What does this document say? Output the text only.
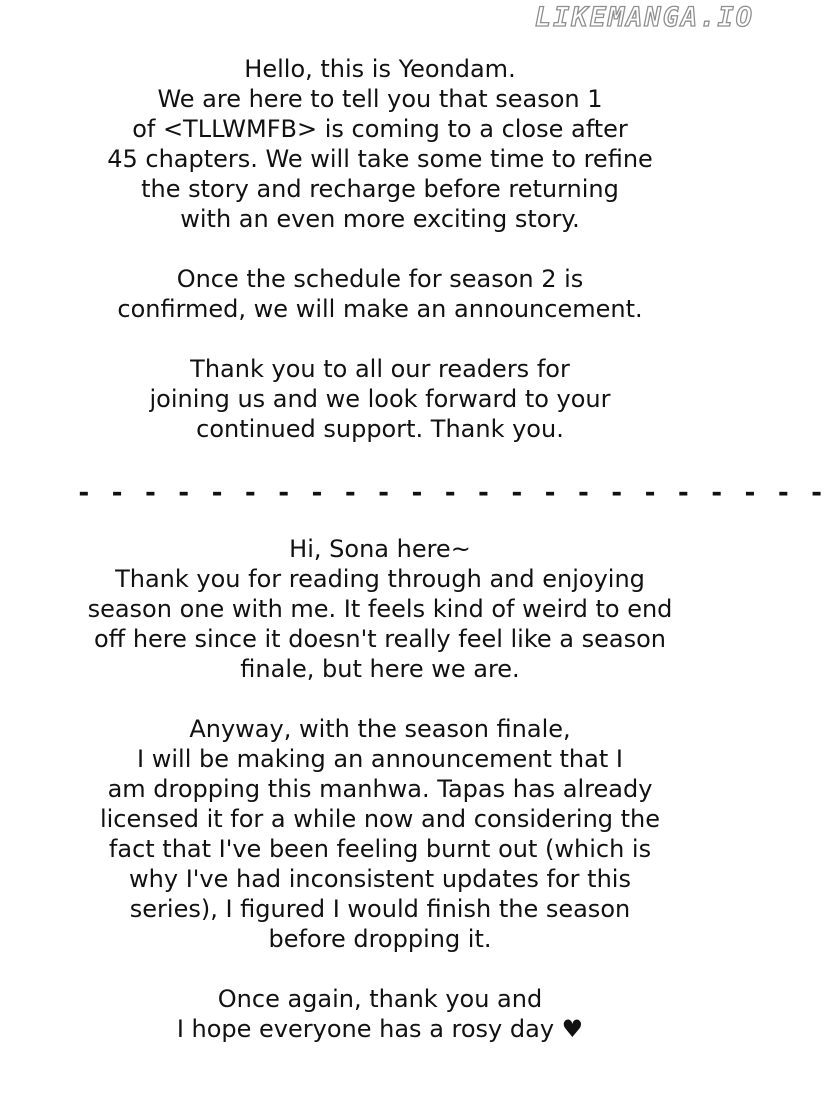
LIKEMANGA.IO

Hello, this is Yeondam.

We are here to tell you that season 1

of <TLLWMFB> is coming to a close after

45 chapters. We will take some time to refine

the story and recharge before returning

with an even more exciting story.

Once the schedule for season 2 is

confirmed, we will make an announcement.

Thank you to all our readers for

joining us and we look forward to your

continued support. Thank you.

- - - - - - - - - - - - - - - - - - - - - - -

Hi, Sona here~

Thank you for reading through and enjoying

season one with me. It feels kind of weird to end

off here since it doesn't really feel like a season

finale, but here we are.

Anyway, with the season finale,

I will be making an announcement that I

am dropping this manhwa. Tapas has already

licensed it for a while now and considering the

fact that I've been feeling burnt out (which is

why I've had inconsistent updates for this

series), I figured I would finish the season

before dropping it.

Once again, thank you and

I hope everyone has a rosy day ♥
